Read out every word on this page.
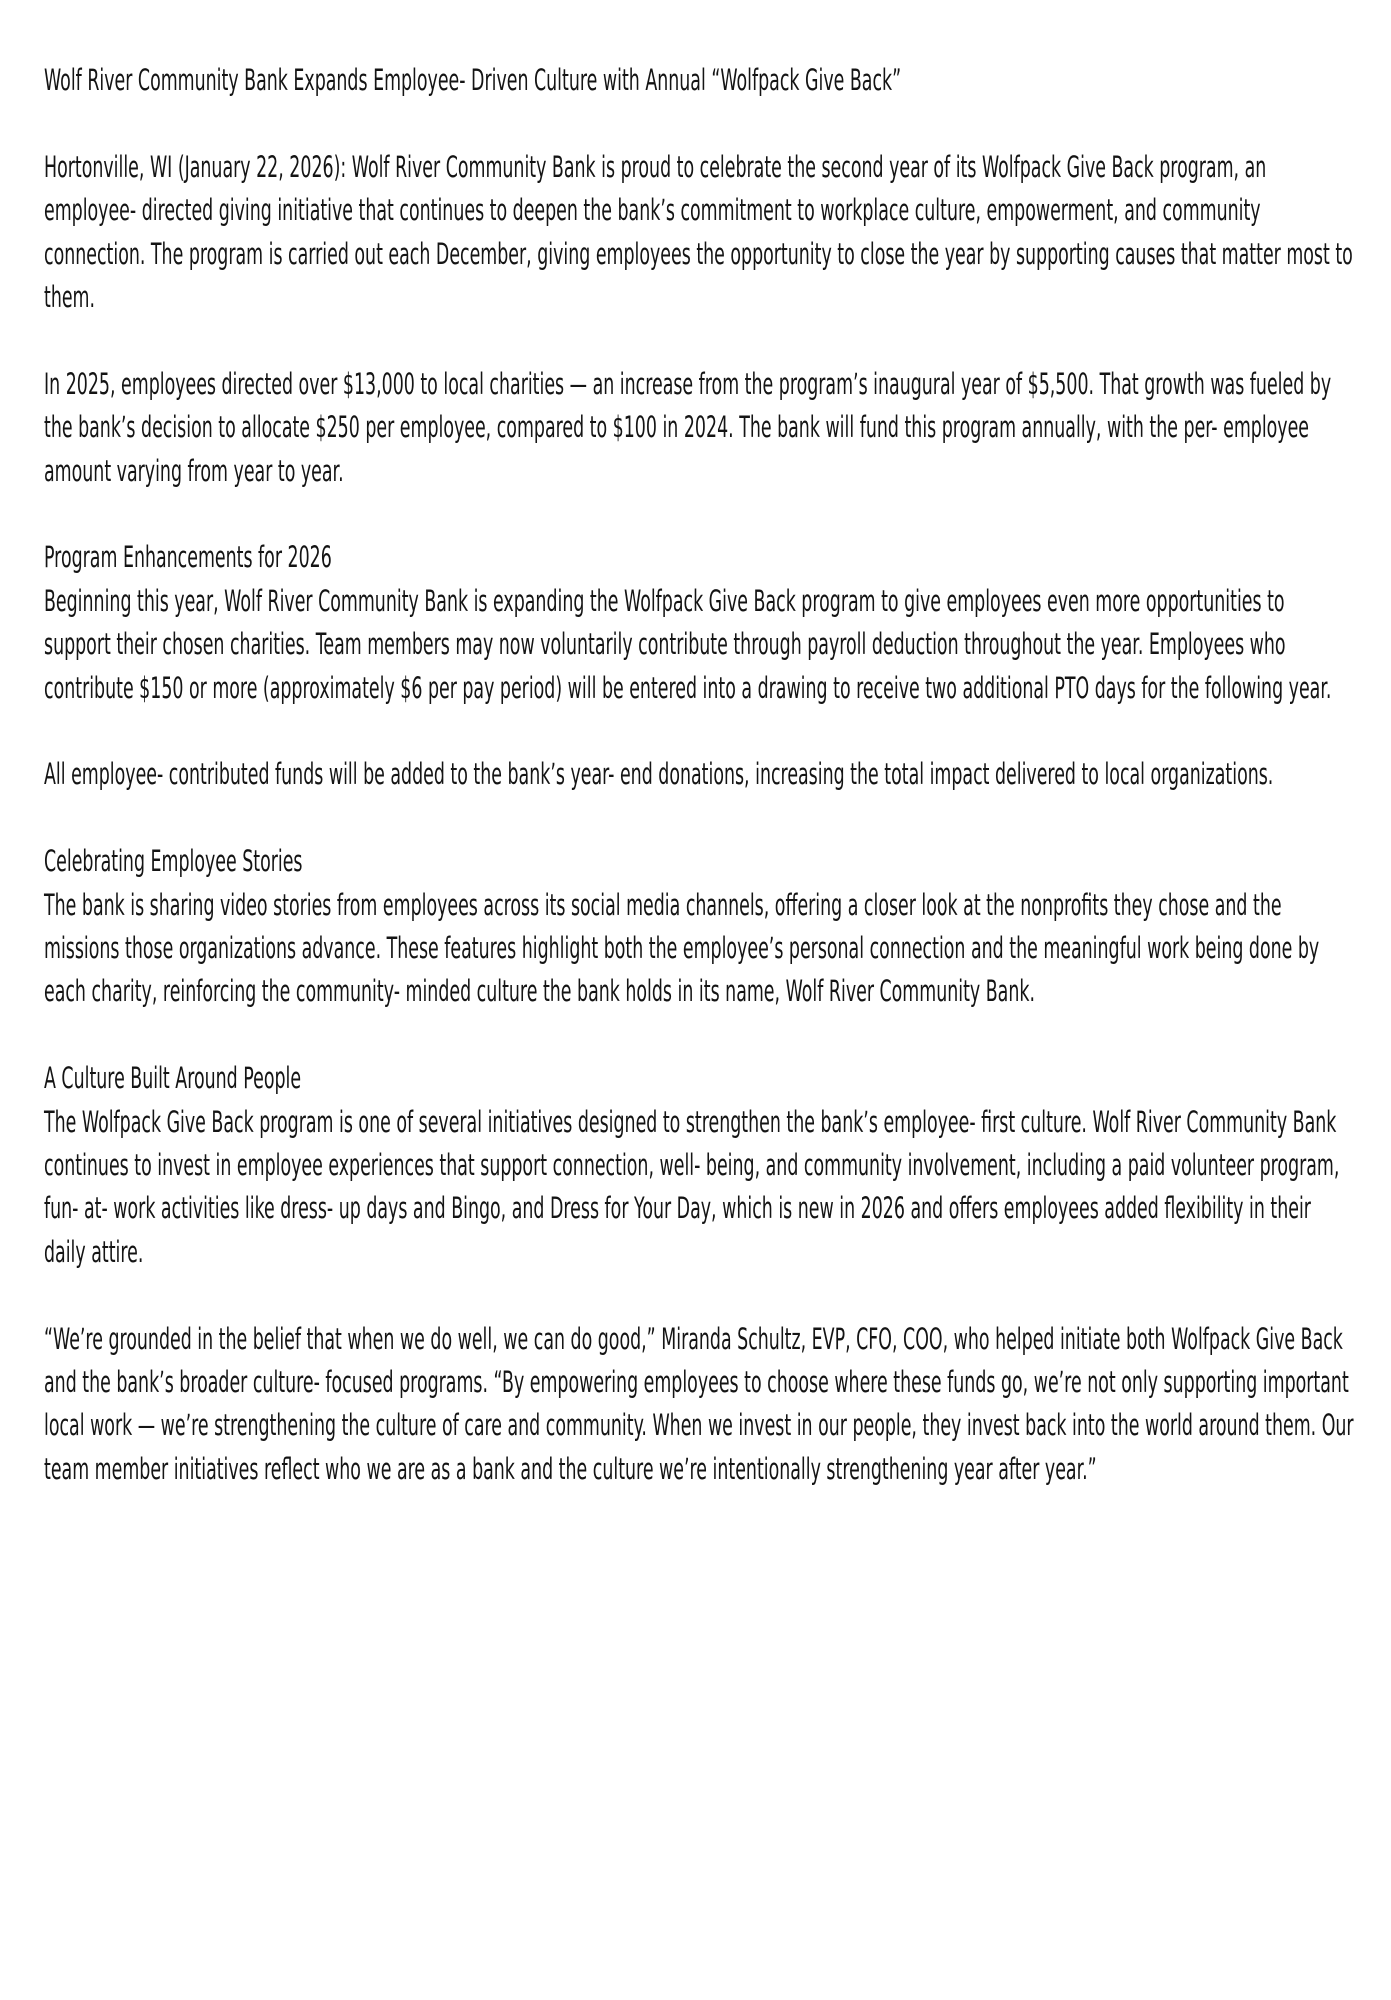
Wolf River Community Bank Expands Employee- Driven Culture with Annual “Wolfpack Give Back”

Hortonville, WI (January 22, 2026): Wolf River Community Bank is proud to celebrate the second year of its Wolfpack Give Back program, an employee- directed giving initiative that continues to deepen the bank’s commitment to workplace culture, empowerment, and community connection. The program is carried out each December, giving employees the opportunity to close the year by supporting causes that matter most to them.

In 2025, employees directed over $13,000 to local charities — an increase from the program’s inaugural year of $5,500. That growth was fueled by the bank’s decision to allocate $250 per employee, compared to $100 in 2024. The bank will fund this program annually, with the per- employee amount varying from year to year.

Program Enhancements for 2026

Beginning this year, Wolf River Community Bank is expanding the Wolfpack Give Back program to give employees even more opportunities to support their chosen charities. Team members may now voluntarily contribute through payroll deduction throughout the year. Employees who contribute $150 or more (approximately $6 per pay period) will be entered into a drawing to receive two additional PTO days for the following year.

All employee- contributed funds will be added to the bank’s year- end donations, increasing the total impact delivered to local organizations.

Celebrating Employee Stories

The bank is sharing video stories from employees across its social media channels, offering a closer look at the nonprofits they chose and the missions those organizations advance. These features highlight both the employee’s personal connection and the meaningful work being done by each charity, reinforcing the community- minded culture the bank holds in its name, Wolf River Community Bank.

A Culture Built Around People

The Wolfpack Give Back program is one of several initiatives designed to strengthen the bank’s employee- first culture. Wolf River Community Bank continues to invest in employee experiences that support connection, well- being, and community involvement, including a paid volunteer program, fun- at- work activities like dress- up days and Bingo, and Dress for Your Day, which is new in 2026 and offers employees added flexibility in their daily attire.

“We’re grounded in the belief that when we do well, we can do good,” Miranda Schultz, EVP, CFO, COO, who helped initiate both Wolfpack Give Back and the bank’s broader culture- focused programs. “By empowering employees to choose where these funds go, we’re not only supporting important local work — we’re strengthening the culture of care and community. When we invest in our people, they invest back into the world around them. Our team member initiatives reflect who we are as a bank and the culture we’re intentionally strengthening year after year.”
